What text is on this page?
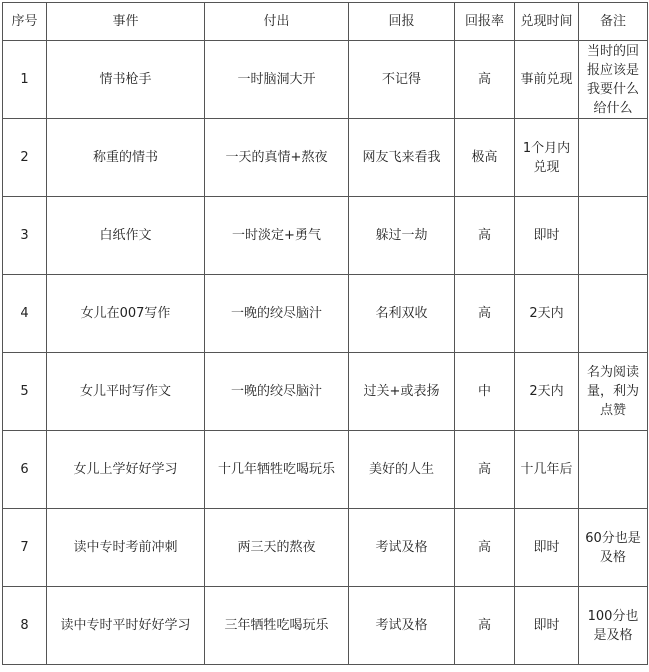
序号	事件	付出	回报	回报率	兑现时间	备注
1	情书枪手	一时脑洞大开	不记得	高	事前兑现	当时的回报应该是我要什么给什么
2	称重的情书	一天的真情+熬夜	网友飞来看我	极高	1个月内兑现	
3	白纸作文	一时淡定+勇气	躲过一劫	高	即时	
4	女儿在007写作	一晚的绞尽脑汁	名利双收	高	2天内	
5	女儿平时写作文	一晚的绞尽脑汁	过关+或表扬	中	2天内	名为阅读量，利为点赞
6	女儿上学好好学习	十几年牺牲吃喝玩乐	美好的人生	高	十几年后	
7	读中专时考前冲刺	两三天的熬夜	考试及格	高	即时	60分也是及格
8	读中专时平时好好学习	三年牺牲吃喝玩乐	考试及格	高	即时	100分也是及格
